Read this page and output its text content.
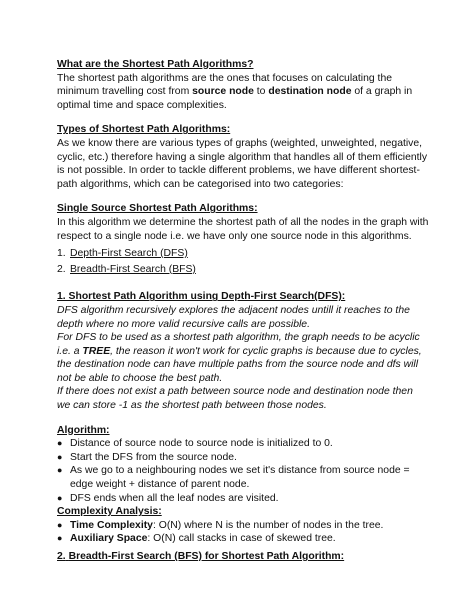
What are the Shortest Path Algorithms?

The shortest path algorithms are the ones that focuses on calculating the minimum travelling cost from source node to destination node of a graph in optimal time and space complexities.

Types of Shortest Path Algorithms:

As we know there are various types of graphs (weighted, unweighted, negative, cyclic, etc.) therefore having a single algorithm that handles all of them efficiently is not possible. In order to tackle different problems, we have different shortest-path algorithms, which can be categorised into two categories:

Single Source Shortest Path Algorithms:

In this algorithm we determine the shortest path of all the nodes in the graph with respect to a single node i.e. we have only one source node in this algorithms.

1. Depth-First Search (DFS)
2. Breadth-First Search (BFS)

1. Shortest Path Algorithm using Depth-First Search(DFS):

DFS algorithm recursively explores the adjacent nodes untill it reaches to the depth where no more valid recursive calls are possible.

For DFS to be used as a shortest path algorithm, the graph needs to be acyclic i.e. a TREE, the reason it won't work for cyclic graphs is because due to cycles, the destination node can have multiple paths from the source node and dfs will not be able to choose the best path.

If there does not exist a path between source node and destination node then we can store -1 as the shortest path between those nodes.

Algorithm:

● Distance of source node to source node is initialized to 0.
● Start the DFS from the source node.
● As we go to a neighbouring nodes we set it's distance from source node = edge weight + distance of parent node.
● DFS ends when all the leaf nodes are visited.

Complexity Analysis:

● Time Complexity: O(N) where N is the number of nodes in the tree.
● Auxiliary Space: O(N) call stacks in case of skewed tree.

2. Breadth-First Search (BFS) for Shortest Path Algorithm:
